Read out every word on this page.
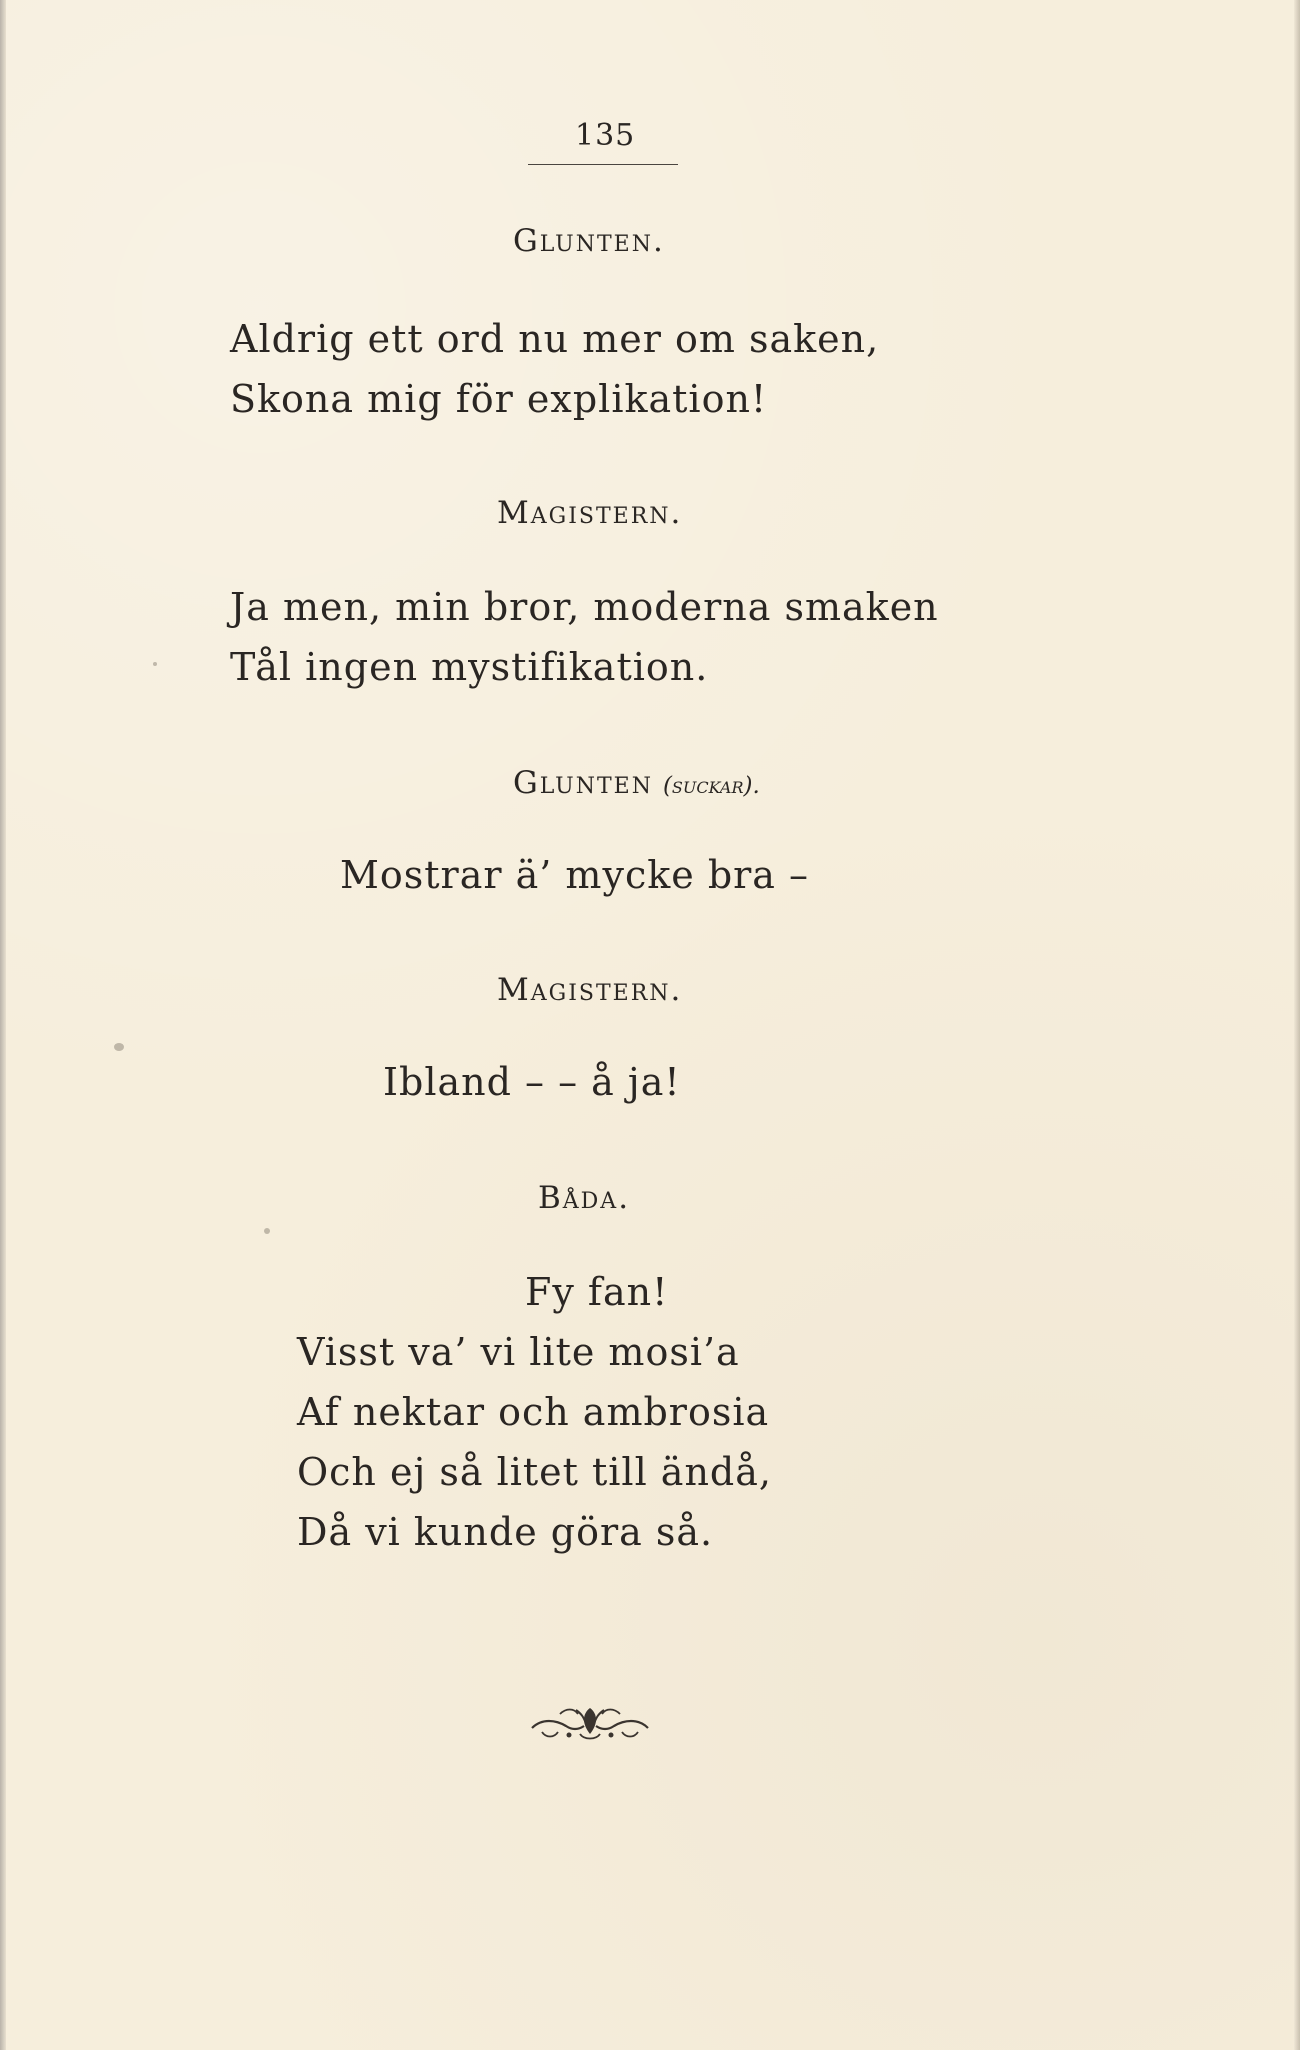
135
Glunten.
Aldrig ett ord nu mer om saken,
Skona mig för explikation!
Magistern.
Ja men, min bror, moderna smaken
Tål ingen mystifikation.
Glunten (suckar).
Mostrar ä’ mycke bra –
Magistern.
Ibland – – å ja!
Båda.
Fy fan!
Visst va’ vi lite mosi’a
Af nektar och ambrosia
Och ej så litet till ändå,
Då vi kunde göra så.
